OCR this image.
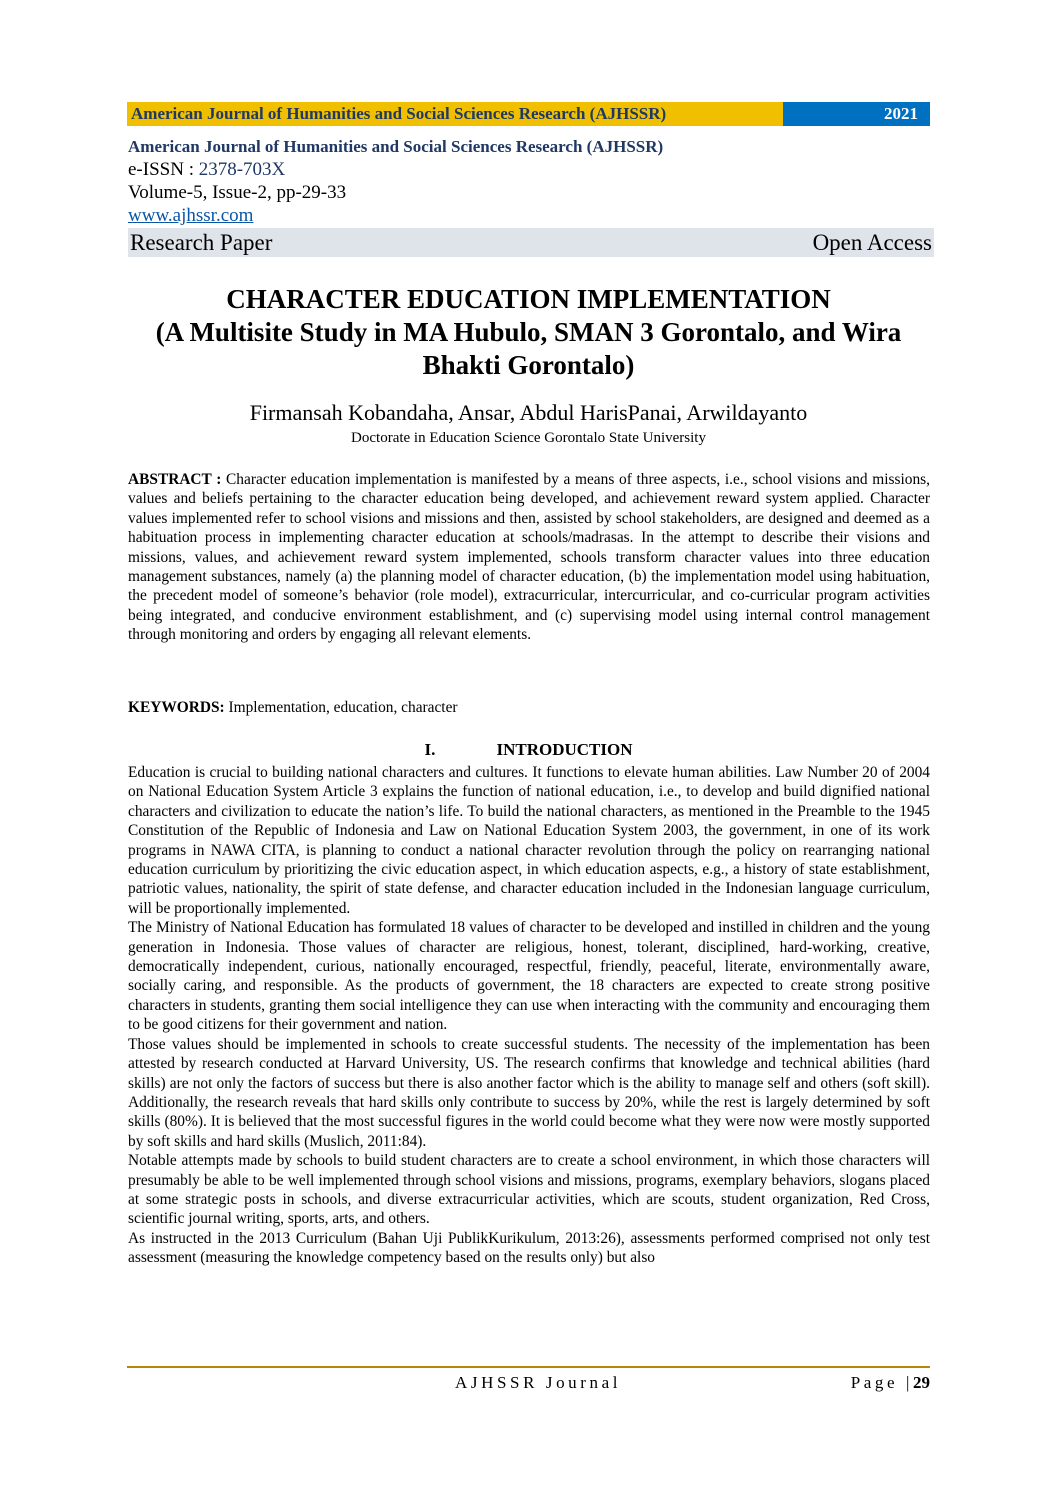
American Journal of Humanities and Social Sciences Research (AJHSSR)	2021
American Journal of Humanities and Social Sciences Research (AJHSSR)
e-ISSN : 2378-703X
Volume-5, Issue-2, pp-29-33
www.ajhssr.com
Research Paper	Open Access
CHARACTER EDUCATION IMPLEMENTATION
(A Multisite Study in MA Hubulo, SMAN 3 Gorontalo, and Wira
Bhakti Gorontalo)
Firmansah Kobandaha, Ansar, Abdul HarisPanai, Arwildayanto
Doctorate in Education Science Gorontalo State University

ABSTRACT : Character education implementation is manifested by a means of three aspects, i.e., school visions and missions, values and beliefs pertaining to the character education being developed, and achievement reward system applied. Character values implemented refer to school visions and missions and then, assisted by school stakeholders, are designed and deemed as a habituation process in implementing character education at schools/madrasas. In the attempt to describe their visions and missions, values, and achievement reward system implemented, schools transform character values into three education management substances, namely (a) the planning model of character education, (b) the implementation model using habituation, the precedent model of someone’s behavior (role model), extracurricular, intercurricular, and co-curricular program activities being integrated, and conducive environment establishment, and (c) supervising model using internal control management through monitoring and orders by engaging all relevant elements.

KEYWORDS: Implementation, education, character

I.	INTRODUCTION

Education is crucial to building national characters and cultures. It functions to elevate human abilities. Law Number 20 of 2004 on National Education System Article 3 explains the function of national education, i.e., to develop and build dignified national characters and civilization to educate the nation’s life. To build the national characters, as mentioned in the Preamble to the 1945 Constitution of the Republic of Indonesia and Law on National Education System 2003, the government, in one of its work programs in NAWA CITA, is planning to conduct a national character revolution through the policy on rearranging national education curriculum by prioritizing the civic education aspect, in which education aspects, e.g., a history of state establishment, patriotic values, nationality, the spirit of state defense, and character education included in the Indonesian language curriculum, will be proportionally implemented.

The Ministry of National Education has formulated 18 values of character to be developed and instilled in children and the young generation in Indonesia. Those values of character are religious, honest, tolerant, disciplined, hard-working, creative, democratically independent, curious, nationally encouraged, respectful, friendly, peaceful, literate, environmentally aware, socially caring, and responsible. As the products of government, the 18 characters are expected to create strong positive characters in students, granting them social intelligence they can use when interacting with the community and encouraging them to be good citizens for their government and nation.

Those values should be implemented in schools to create successful students. The necessity of the implementation has been attested by research conducted at Harvard University, US. The research confirms that knowledge and technical abilities (hard skills) are not only the factors of success but there is also another factor which is the ability to manage self and others (soft skill). Additionally, the research reveals that hard skills only contribute to success by 20%, while the rest is largely determined by soft skills (80%). It is believed that the most successful figures in the world could become what they were now were mostly supported by soft skills and hard skills (Muslich, 2011:84).

Notable attempts made by schools to build student characters are to create a school environment, in which those characters will presumably be able to be well implemented through school visions and missions, programs, exemplary behaviors, slogans placed at some strategic posts in schools, and diverse extracurricular activities, which are scouts, student organization, Red Cross, scientific journal writing, sports, arts, and others.

As instructed in the 2013 Curriculum (Bahan Uji PublikKurikulum, 2013:26), assessments performed comprised not only test assessment (measuring the knowledge competency based on the results only) but also

AJHSSR Journal	Page |29
